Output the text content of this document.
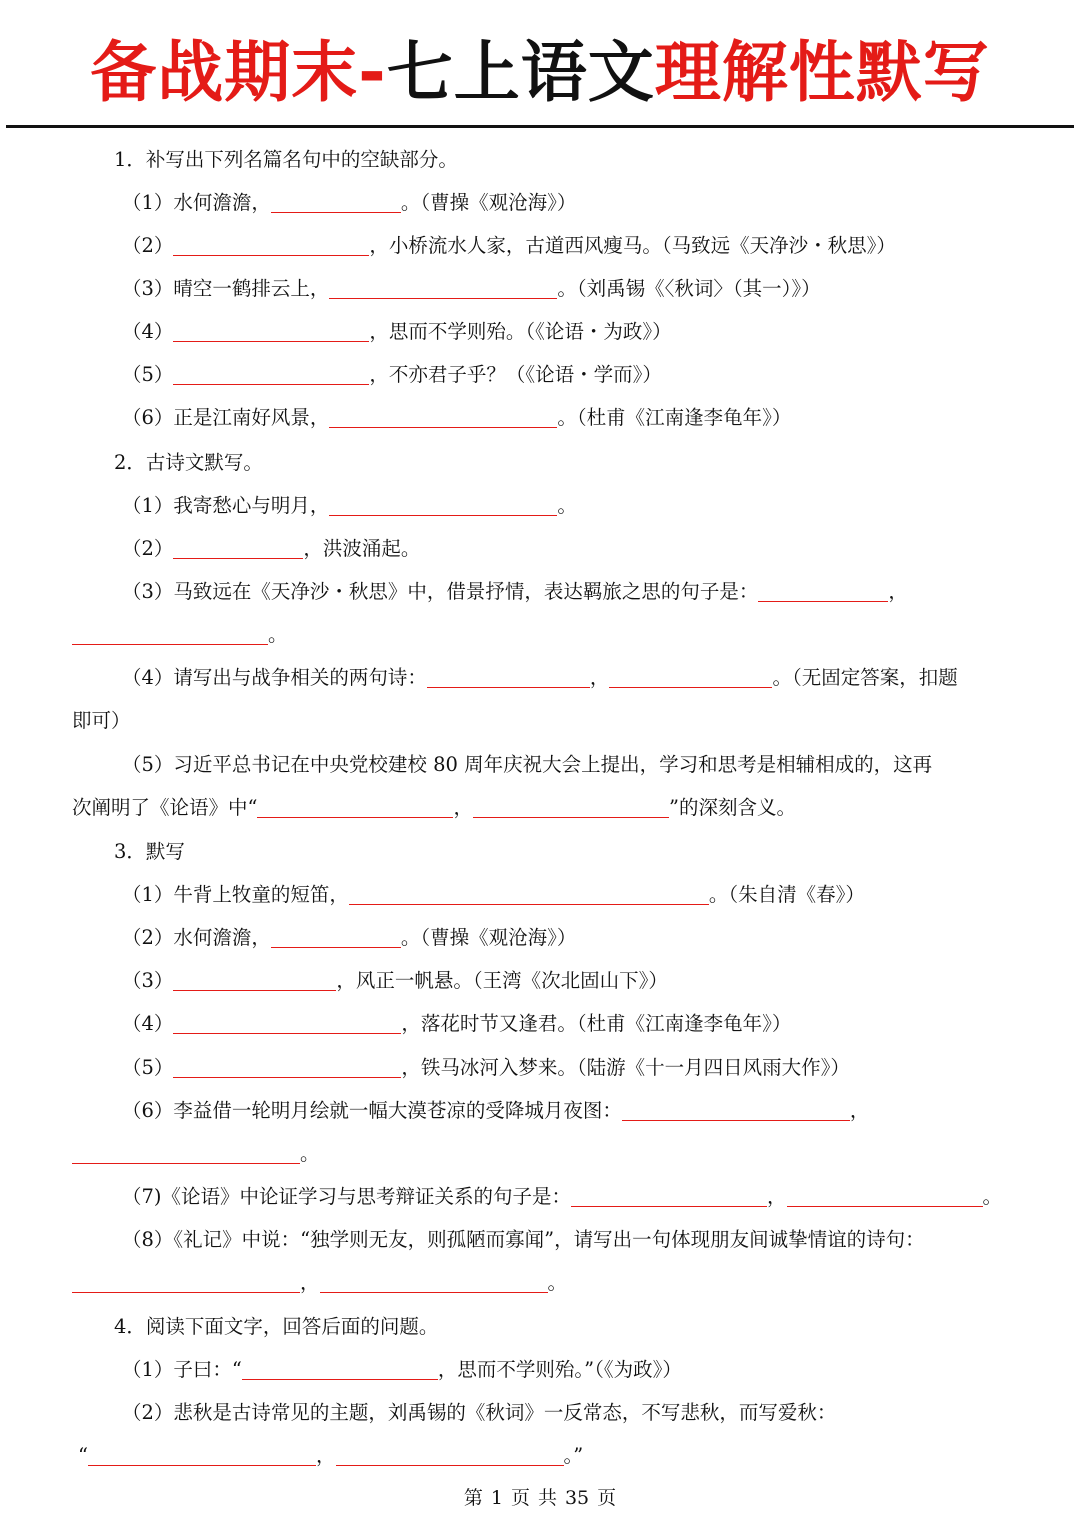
备战期末-七上语文理解性默写
1．补写出下列名篇名句中的空缺部分。
（1）水何澹澹，	。（曹操《观沧海》）
（2）	，小桥流水人家，古道西风瘦马。（马致远《天净沙・秋思》）
（3）晴空一鹤排云上，	。（刘禹锡《〈秋词〉（其一）》）
（4）	，思而不学则殆。（《论语・为政》）
（5）	，不亦君子乎？（《论语・学而》）
（6）正是江南好风景，	。（杜甫《江南逢李龟年》）
2．古诗文默写。
（1）我寄愁心与明月，	。
（2）	，洪波涌起。
（3）马致远在《天净沙・秋思》中，借景抒情，表达羁旅之思的句子是：	，
。
（4）请写出与战争相关的两句诗：	，	。（无固定答案，扣题
即可）
（5）习近平总书记在中央党校建校 80 周年庆祝大会上提出，学习和思考是相辅相成的，这再
次阐明了《论语》中“	，	”的深刻含义。
3．默写
（1）牛背上牧童的短笛，	。（朱自清《春》）
（2）水何澹澹，	。（曹操《观沧海》）
（3）	，风正一帆悬。（王湾《次北固山下》）
（4）	，落花时节又逢君。（杜甫《江南逢李龟年》）
（5）	，铁马冰河入梦来。（陆游《十一月四日风雨大作》）
（6）李益借一轮明月绘就一幅大漠苍凉的受降城月夜图：	，
。
（7)《论语》中论证学习与思考辩证关系的句子是：	，	。
（8）《礼记》中说：“独学则无友，则孤陋而寡闻”，请写出一句体现朋友间诚挚情谊的诗句：
，	。
4．阅读下面文字，回答后面的问题。
（1）子曰：“	，思而不学则殆。”（《为政》）
（2）悲秋是古诗常见的主题，刘禹锡的《秋词》一反常态，不写悲秋，而写爱秋：
“	，	。”
第 1 页 共 35 页
